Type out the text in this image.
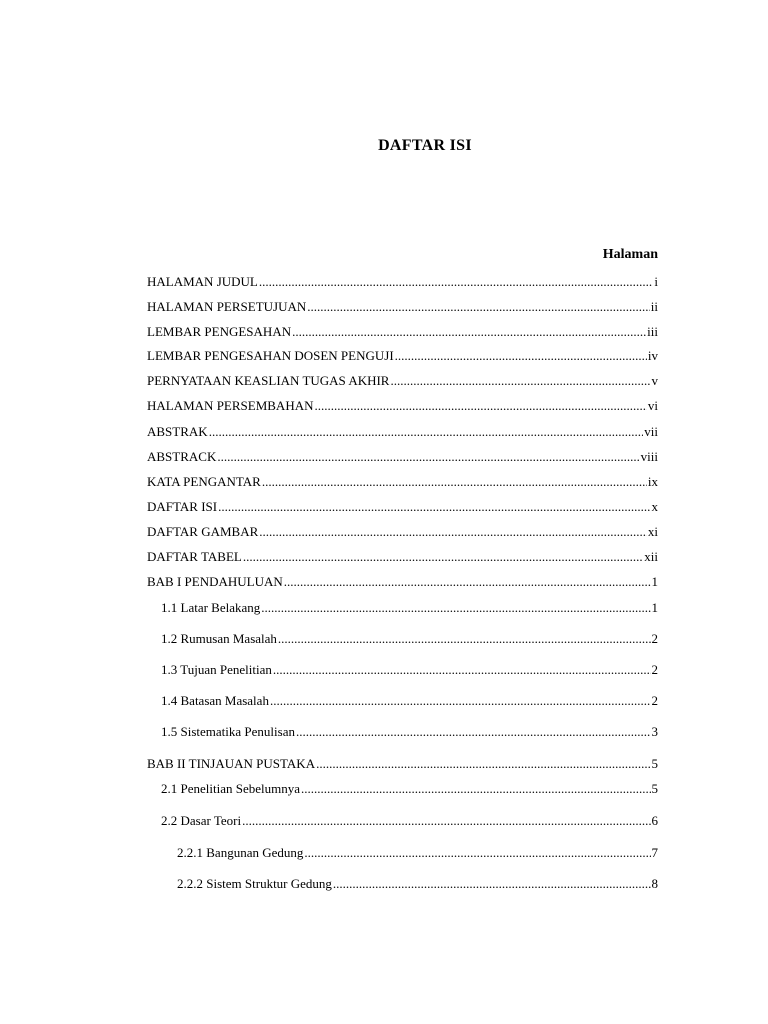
DAFTAR ISI
Halaman
HALAMAN JUDUL .....	i
HALAMAN PERSETUJUAN .....	ii
LEMBAR PENGESAHAN .....	iii
LEMBAR PENGESAHAN DOSEN PENGUJI .....	iv
PERNYATAAN KEASLIAN TUGAS AKHIR .....	v
HALAMAN PERSEMBAHAN .....	vi
ABSTRAK .....	vii
ABSTRACK .....	viii
KATA PENGANTAR .....	ix
DAFTAR ISI .....	x
DAFTAR GAMBAR .....	xi
DAFTAR TABEL .....	xii
BAB I PENDAHULUAN .....	1
1.1 Latar Belakang .....	1
1.2 Rumusan Masalah .....	2
1.3 Tujuan Penelitian .....	2
1.4 Batasan Masalah .....	2
1.5 Sistematika Penulisan .....	3
BAB II TINJAUAN PUSTAKA .....	5
2.1 Penelitian Sebelumnya .....	5
2.2 Dasar Teori .....	6
2.2.1 Bangunan Gedung .....	7
2.2.2 Sistem Struktur Gedung .....	8
